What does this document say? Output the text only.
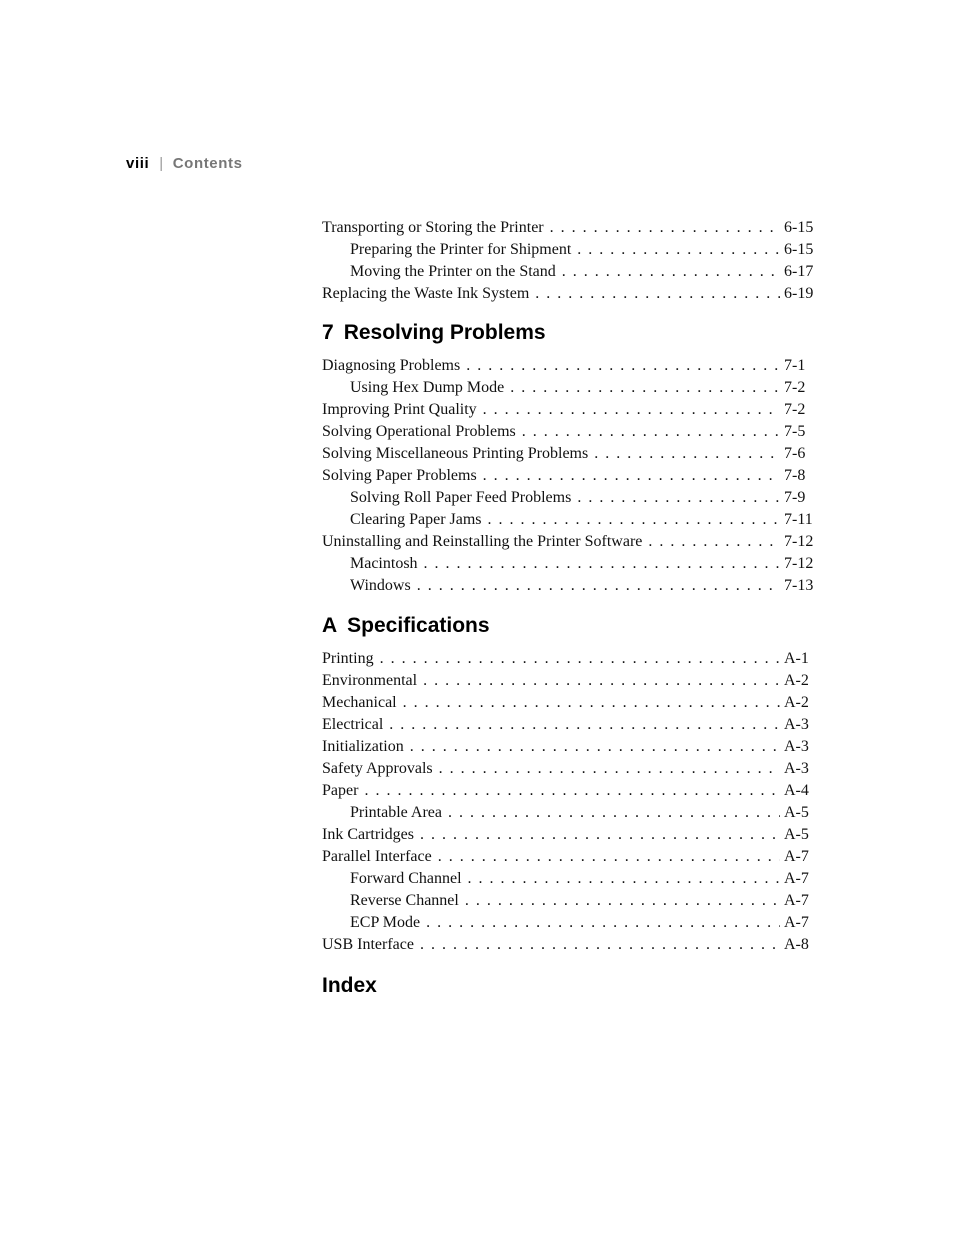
viii | Contents
Transporting or Storing the Printer . . .	6-15
Preparing the Printer for Shipment . . .	6-15
Moving the Printer on the Stand . . .	6-17
Replacing the Waste Ink System . . .	6-19
7 Resolving Problems
Diagnosing Problems . . .	7-1
Using Hex Dump Mode . . .	7-2
Improving Print Quality . . .	7-2
Solving Operational Problems . . .	7-5
Solving Miscellaneous Printing Problems . . .	7-6
Solving Paper Problems . . .	7-8
Solving Roll Paper Feed Problems . . .	7-9
Clearing Paper Jams . . .	7-11
Uninstalling and Reinstalling the Printer Software . . .	7-12
Macintosh . . .	7-12
Windows . . .	7-13
A Specifications
Printing . . .	A-1
Environmental . . .	A-2
Mechanical . . .	A-2
Electrical . . .	A-3
Initialization . . .	A-3
Safety Approvals . . .	A-3
Paper . . .	A-4
Printable Area . . .	A-5
Ink Cartridges . . .	A-5
Parallel Interface . . .	A-7
Forward Channel . . .	A-7
Reverse Channel . . .	A-7
ECP Mode . . .	A-7
USB Interface . . .	A-8
Index
